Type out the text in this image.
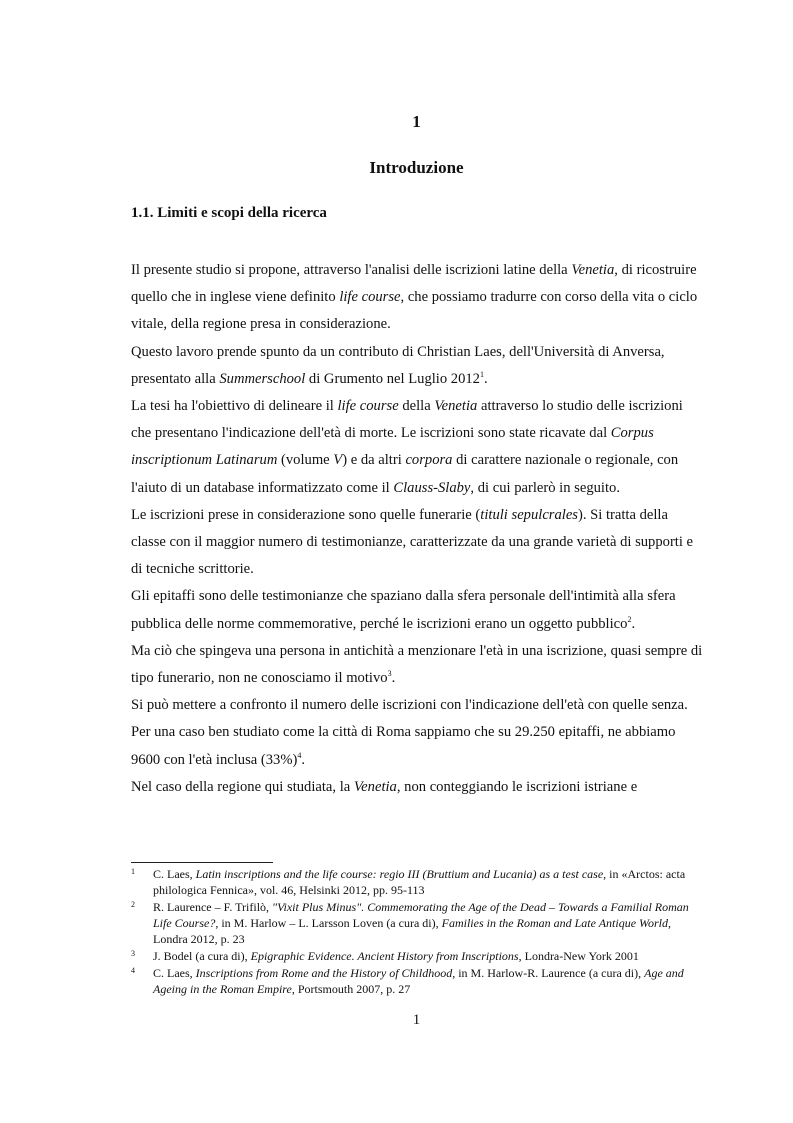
1
Introduzione
1.1. Limiti e scopi della ricerca

Il presente studio si propone, attraverso l'analisi delle iscrizioni latine della Venetia, di ricostruire quello che in inglese viene definito life course, che possiamo tradurre con corso della vita o ciclo vitale, della regione presa in considerazione.

Questo lavoro prende spunto da un contributo di Christian Laes, dell'Università di Anversa, presentato alla Summerschool di Grumento nel Luglio 2012$^1$.

La tesi ha l'obiettivo di delineare il life course della Venetia attraverso lo studio delle iscrizioni che presentano l'indicazione dell'età di morte. Le iscrizioni sono state ricavate dal Corpus inscriptionum Latinarum (volume V) e da altri corpora di carattere nazionale o regionale, con l'aiuto di un database informatizzato come il Clauss-Slaby, di cui parlerò in seguito.

Le iscrizioni prese in considerazione sono quelle funerarie (tituli sepulcrales). Si tratta della classe con il maggior numero di testimonianze, caratterizzate da una grande varietà di supporti e di tecniche scrittorie.

Gli epitaffi sono delle testimonianze che spaziano dalla sfera personale dell'intimità alla sfera pubblica delle norme commemorative, perché le iscrizioni erano un oggetto pubblico$^2$.

Ma ciò che spingeva una persona in antichità a menzionare l'età in una iscrizione, quasi sempre di tipo funerario, non ne conosciamo il motivo$^3$.

Si può mettere a confronto il numero delle iscrizioni con l'indicazione dell'età con quelle senza. Per una caso ben studiato come la città di Roma sappiamo che su 29.250 epitaffi, ne abbiamo 9600 con l'età inclusa $(33\%)^4$.

Nel caso della regione qui studiata, la Venetia, non conteggiando le iscrizioni istriane e

1 C. Laes, Latin inscriptions and the life course: regio III (Bruttium and Lucania) as a test case, in «Arctos: acta philologica Fennica», vol. 46, Helsinki 2012, pp. 95-113
2 R. Laurence – F. Trifilò, "Vixit Plus Minus". Commemorating the Age of the Dead – Towards a Familial Roman Life Course?, in M. Harlow – L. Larsson Loven (a cura di), Families in the Roman and Late Antique World, Londra 2012, p. 23
3 J. Bodel (a cura di), Epigraphic Evidence. Ancient History from Inscriptions, Londra-New York 2001
4 C. Laes, Inscriptions from Rome and the History of Childhood, in M. Harlow-R. Laurence (a cura di), Age and Ageing in the Roman Empire, Portsmouth 2007, p. 27
1
